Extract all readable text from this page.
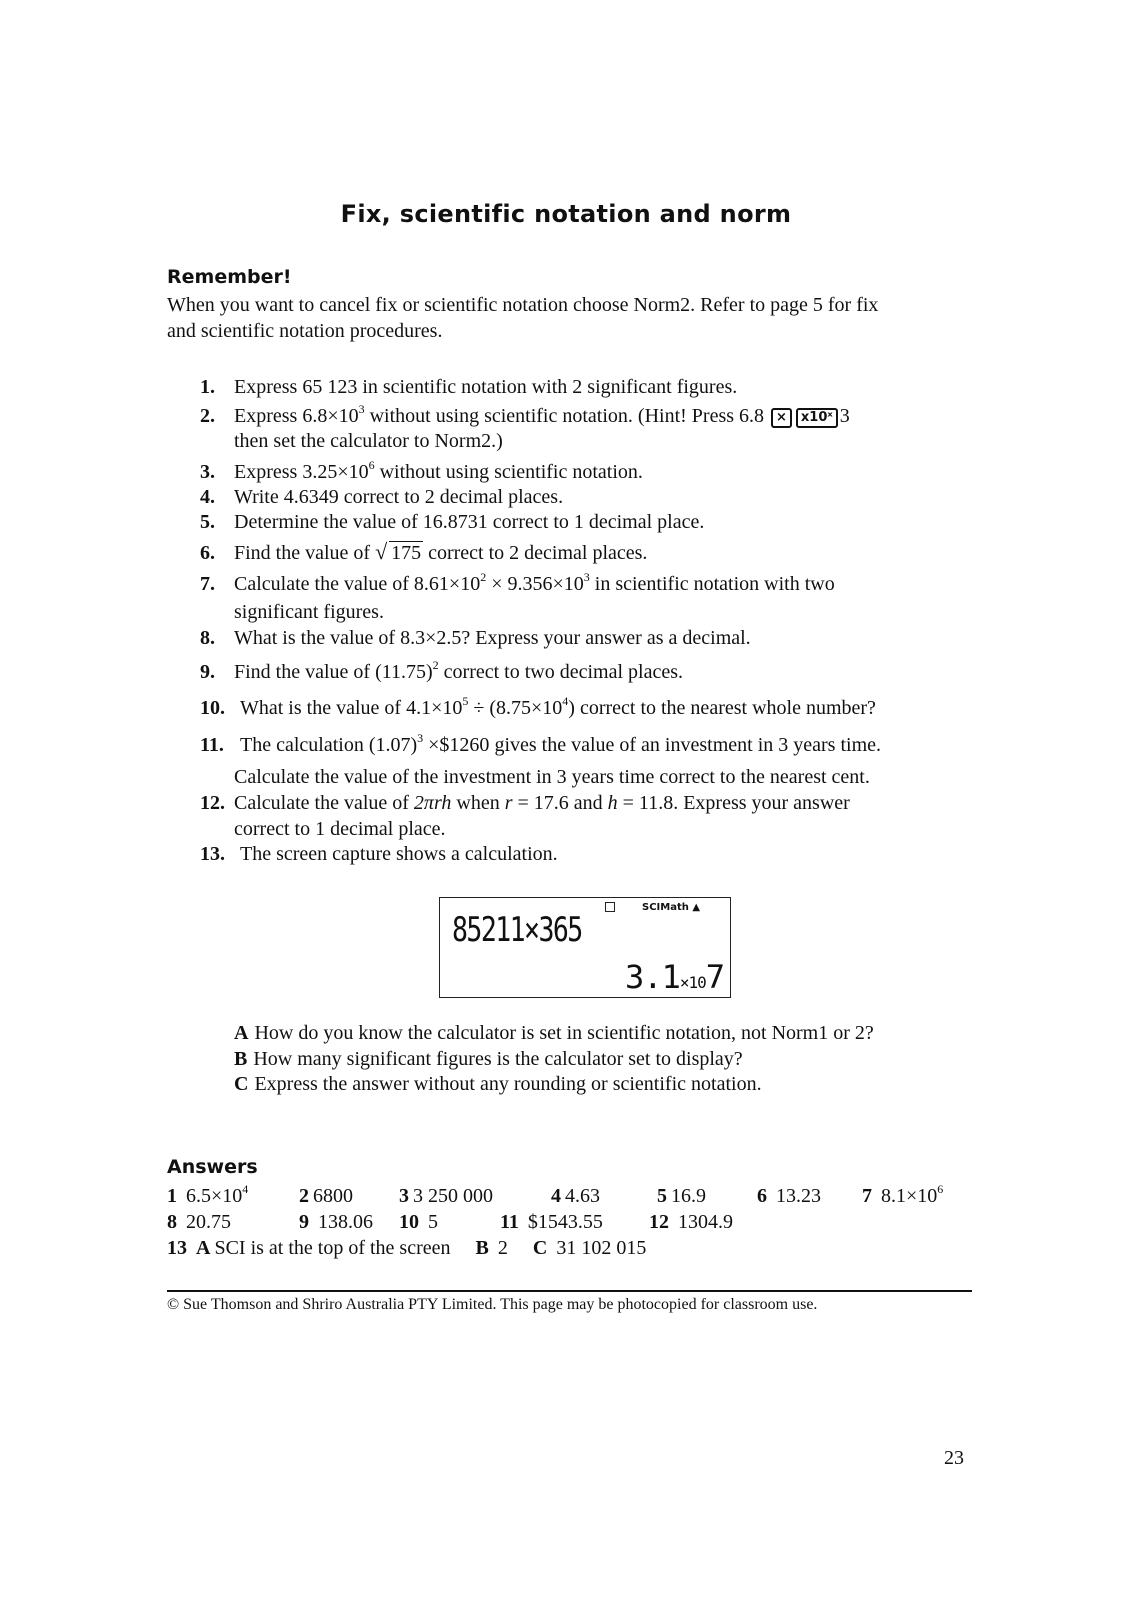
Fix, scientific notation and norm
Remember!
When you want to cancel fix or scientific notation choose Norm2. Refer to page 5 for fix
and scientific notation procedures.
1. Express 65 123 in scientific notation with 2 significant figures.
2. Express $6.8\times 10^3$ without using scientific notation. (Hint! Press 6.8 × x10ˣ 3
then set the calculator to Norm2.)
3. Express $3.25\times 10^6$ without using scientific notation.
4. Write 4.6349 correct to 2 decimal places.
5. Determine the value of 16.8731 correct to 1 decimal place.
6. Find the value of √ 175 correct to 2 decimal places.
7. Calculate the value of $8.61\times 10^2 \times 9.356\times 10^3$ in scientific notation with two
significant figures.
8. What is the value of 8.3×2.5? Express your answer as a decimal.
9. Find the value of $(11.75)^2$ correct to two decimal places.
10. What is the value of $4.1\times 10^5 \div (8.75\times 10^4)$ correct to the nearest whole number?
11. The calculation $(1.07)^3$ ×$1260 gives the value of an investment in 3 years time.
Calculate the value of the investment in 3 years time correct to the nearest cent.
12. Calculate the value of 2πrh when r = 17.6 and h = 11.8. Express your answer
correct to 1 decimal place.
13. The screen capture shows a calculation.
SCIMath ▲
85211×365
3.1×107
A How do you know the calculator is set in scientific notation, not Norm1 or 2?
B How many significant figures is the calculator set to display?
C Express the answer without any rounding or scientific notation.
Answers
1 $6.5\times 10^4$	2 6800 3 3 250 000	4 4.63	5 16.9	6 13.23 7 $8.1\times 10^6$
8 20.75	9 138.06 10 5	11 $1543.55 12 1304.9
13 A SCI is at the top of the screen B 2 C 31 102 015
© Sue Thomson and Shriro Australia PTY Limited. This page may be photocopied for classroom use.
23
